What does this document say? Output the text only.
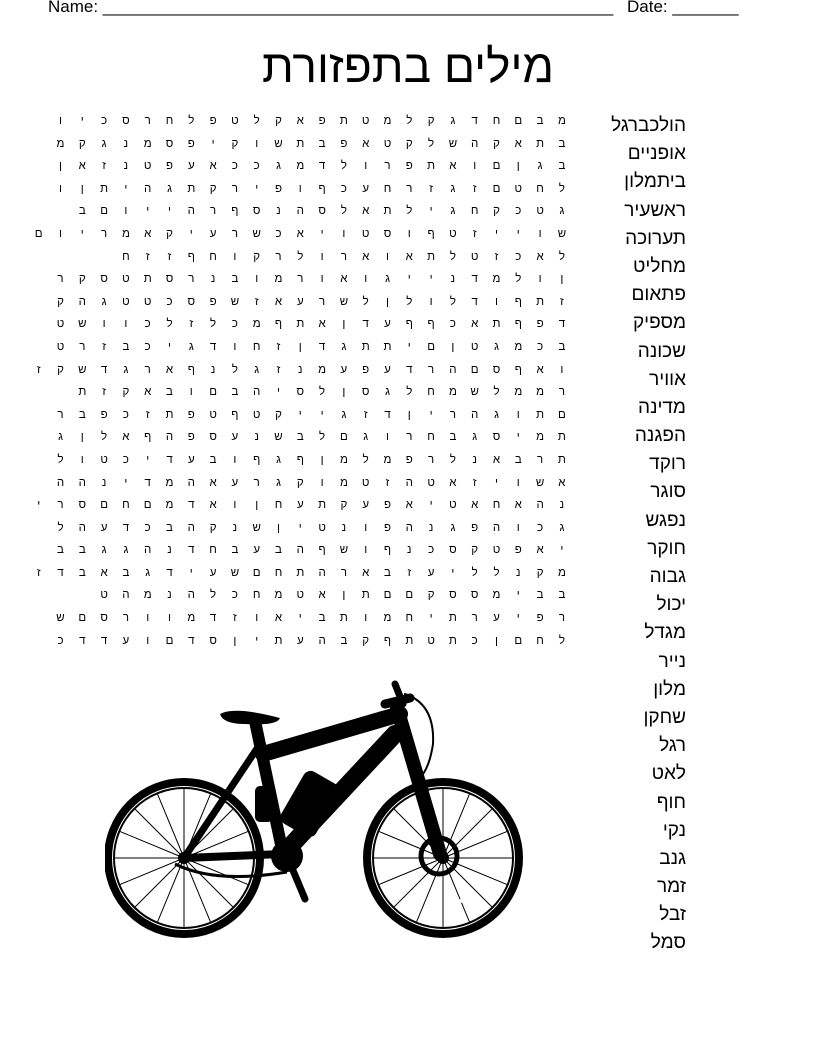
Name: ______________________________________________________ Date: _______
מילים בתפזורת
מ
ב
ם
ח
ד
ג
ק
ל
מ
ט
ת
פ
א
ק
ל
ט
פ
ל
ח
ר
ס
כ
י
ו
ב
ת
א
ק
ה
ש
ל
ק
ט
א
פ
ב
ת
ש
ו
ק
י
פ
ס
מ
נ
ג
ק
מ
ב
ג
ן
ם
ו
א
ת
פ
ר
ו
ל
ד
מ
ג
כ
כ
א
ע
פ
ט
נ
ז
א
ן
ל
ח
ט
ם
ז
ג
ז
ר
ח
ע
כ
ף
ו
פ
י
ר
ק
ת
ג
ה
י
ת
ן
ו
ג
ט
כ
ק
ח
ג
י
ל
ת
א
ל
ס
ה
נ
ס
ף
ר
ה
י
י
ו
ם
ב
ש
ו
י
י
ז
ט
ף
ו
ס
ט
ו
י
א
כ
ש
ר
ע
י
ק
א
מ
ר
י
ו
ם
ל
א
כ
ז
ט
ל
ת
א
ו
א
ר
ו
ל
ר
ק
ו
ח
ף
ז
ז
ח
ן
ו
ל
מ
ד
נ
י
י
ג
ו
א
ו
ר
מ
ו
ב
נ
ר
ס
ת
ט
ס
ק
ר
ז
ת
ף
ו
ד
ל
ו
ל
ן
ל
ש
ר
ע
א
ז
ש
פ
ס
כ
ט
ט
ג
ה
ק
ד
פ
ף
ת
א
כ
ף
ף
ע
ד
ן
א
ת
ף
מ
כ
ל
ז
ל
כ
ו
ו
ש
ט
ב
כ
מ
ג
ט
ן
ם
י
ת
ת
ג
ד
ן
ז
ח
ו
ד
ג
י
כ
ב
ז
ר
ט
ו
א
ף
ס
ם
ה
ר
ד
ע
פ
ע
מ
נ
ז
ג
ל
נ
ף
א
ר
ג
ד
ש
ק
ז
ר
מ
מ
ל
ש
מ
ח
ל
ג
ס
ן
ל
ס
י
ה
ב
ם
ו
ב
א
ק
ז
ת
ם
ת
ו
ג
ה
ר
י
ן
ד
ז
ג
י
י
ק
ט
ף
ט
פ
ת
ז
כ
פ
ב
ר
ת
מ
י
ס
ג
ב
ח
ר
ו
ג
ם
ל
ב
ש
נ
ע
ס
פ
ה
ף
א
ל
ן
ג
ת
ר
ב
א
נ
ל
ר
פ
מ
ל
מ
ן
ף
ג
ף
ו
ב
ע
ד
י
כ
ט
ו
ל
א
ש
ו
י
ז
א
ט
ה
ז
ט
מ
ו
ק
ג
ר
ע
א
ה
מ
ד
י
נ
ה
ה
נ
ה
א
ח
א
ט
י
א
פ
ע
ק
ת
ע
ח
ן
ו
א
ד
מ
ם
ח
ם
ס
ר
י
ג
כ
ו
ה
פ
ג
נ
ה
פ
ו
נ
ט
י
ן
ש
נ
ק
ה
ב
כ
ד
ע
ה
ל
י
א
פ
ט
ק
ס
כ
נ
ף
ו
ש
ף
ה
ב
ע
ב
ח
ד
נ
ה
ג
ג
ב
ב
מ
ק
נ
ל
ל
י
ע
ז
ב
א
ר
ה
ת
ח
ם
ש
ע
י
ד
ג
ב
א
ב
ד
ז
ב
ב
י
מ
ס
ס
ק
ם
ם
ת
ן
א
ט
מ
ח
כ
ל
ה
נ
מ
ה
ט
ר
פ
י
ע
ר
ת
י
ח
מ
ו
ת
ב
י
א
ו
ז
ד
מ
ו
ו
ר
ס
ם
ש
ל
ח
ם
ן
כ
ת
ט
ת
ף
ק
ב
ה
ע
ת
י
ן
ס
ד
ם
ו
ע
ד
ד
כ
הולכברגל
אופניים
ביתמלון
ראשעיר
תערוכה
מחליט
פתאום
מספיק
שכונה
אוויר
מדינה
הפגנה
רוקד
סוגר
נפגש
חוקר
גבוה
יכול
מגדל
נייר
מלון
שחקן
רגל
לאט
חוף
נקי
גנב
זמר
זבל
סמל
